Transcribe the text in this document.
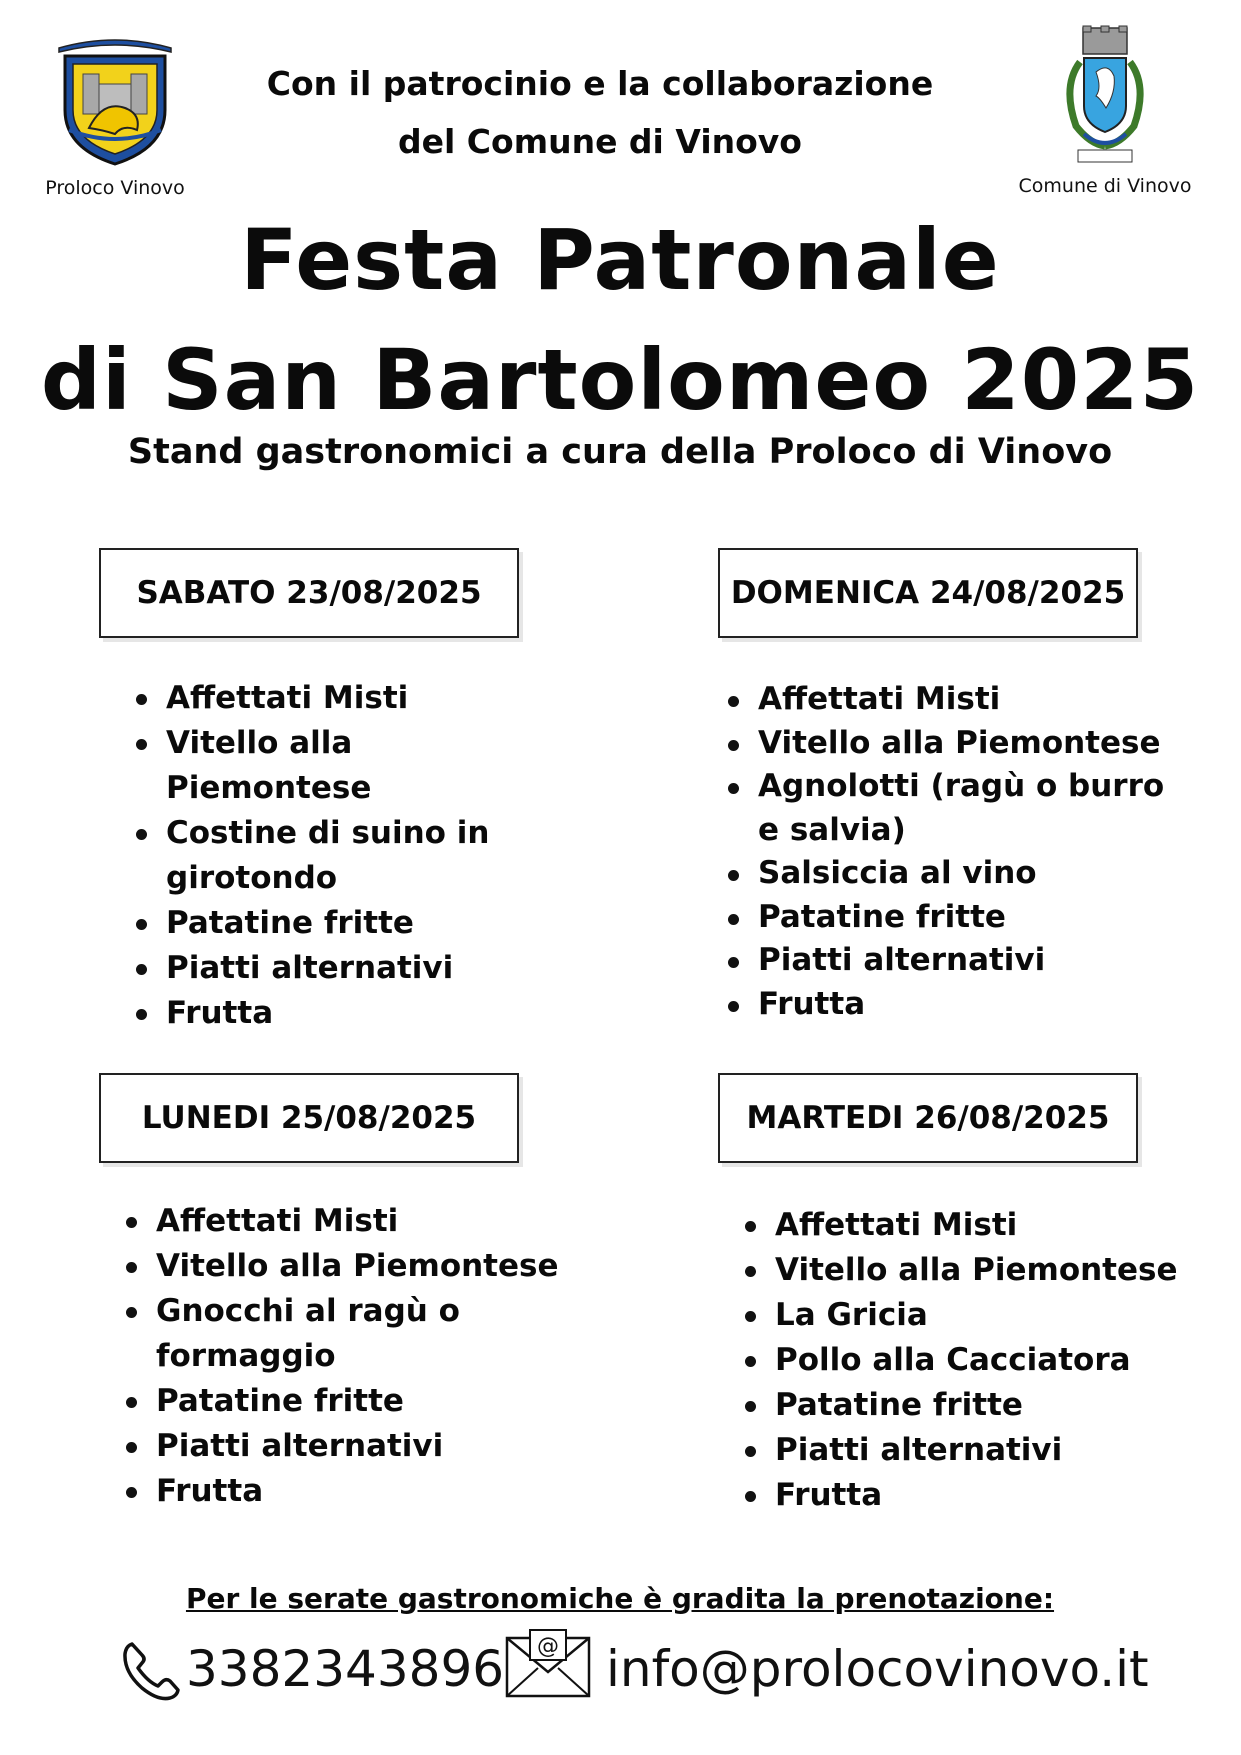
Proloco Vinovo	Comune di Vinovo
Con il patrocinio e la collaborazione
del Comune di Vinovo
Festa Patronale
di San Bartolomeo 2025
Stand gastronomici a cura della Proloco di Vinovo
SABATO 23/08/2025
Affettati Misti
Vitello alla Piemontese
Costine di suino in girotondo
Patatine fritte
Piatti alternativi
Frutta
DOMENICA 24/08/2025
Affettati Misti
Vitello alla Piemontese
Agnolotti (ragù o burro e salvia)
Salsiccia al vino
Patatine fritte
Piatti alternativi
Frutta
LUNEDI 25/08/2025
Affettati Misti
Vitello alla Piemontese
Gnocchi al ragù o formaggio
Patatine fritte
Piatti alternativi
Frutta
MARTEDI 26/08/2025
Affettati Misti
Vitello alla Piemontese
La Gricia
Pollo alla Cacciatora
Patatine fritte
Piatti alternativi
Frutta
Per le serate gastronomiche è gradita la prenotazione:
3382343896 @ info@prolocovinovo.it
